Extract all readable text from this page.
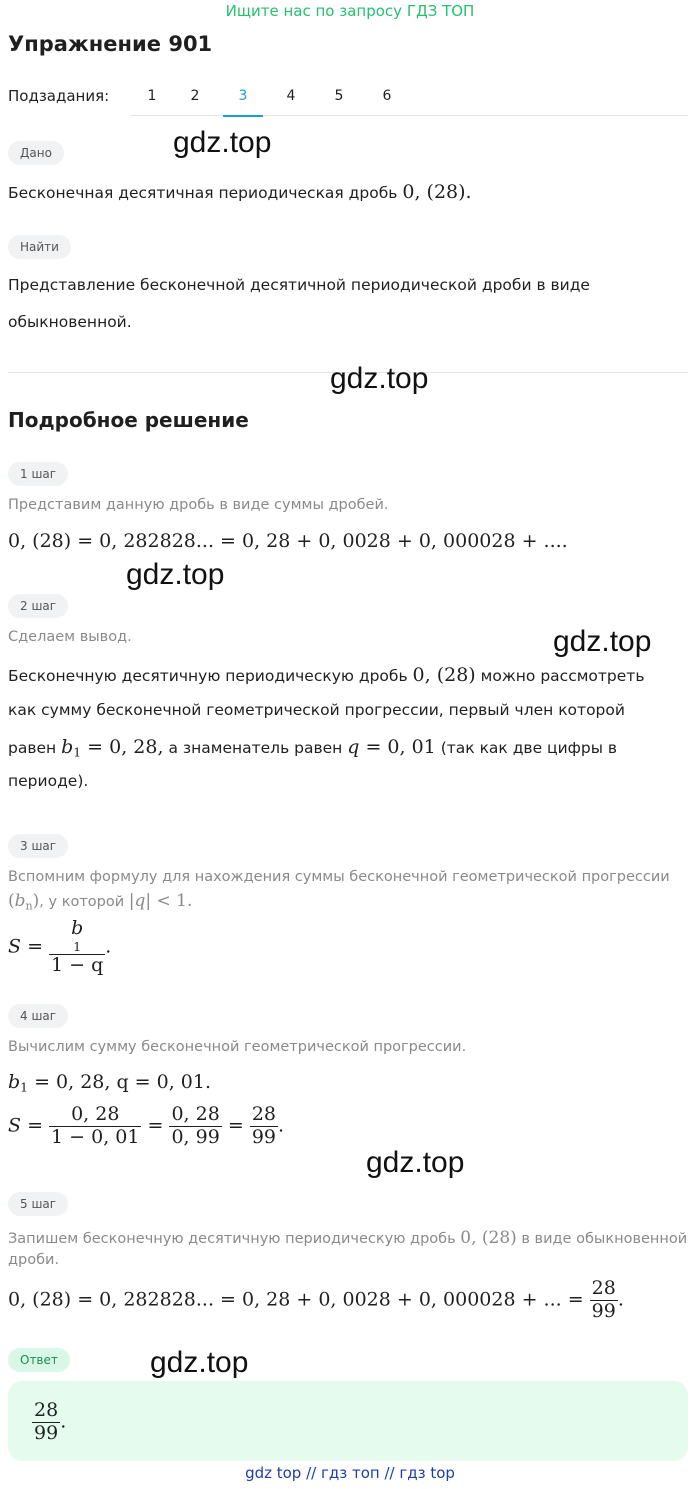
Ищите нас по запросу ГДЗ ТОП
Упражнение 901
Подзадания:	1	2	3	4	5	6
Дано	gdz.top
Бесконечная десятичная периодическая дробь 0, (28).
Найти
Представление бесконечной десятичной периодической дроби в виде
обыкновенной.
gdz.top
Подробное решение
1 шаг
Представим данную дробь в виде суммы дробей.
0, (28) = 0, 282828... = 0, 28 + 0, 0028 + 0, 000028 + ....
gdz.top
2 шаг
gdz.top
Сделаем вывод.
Бесконечную десятичную периодическую дробь 0, (28) можно рассмотреть
как сумму бесконечной геометрической прогрессии, первый член которой
равен $b_1 = 0$, 28, а знаменатель равен q = 0, 01 (так как две цифры в
периоде).
3 шаг
Вспомним формулу для нахождения суммы бесконечной геометрической прогрессии
$(b_n)$, у которой |q| < 1.
S = b
1
1 − q .
4 шаг
Вычислим сумму бесконечной геометрической прогрессии.
$b_1 = 0$, 28, q = 0, 01.
$S = \frac{0, 28}{1 - 0, 01} = \frac{0, 28}{0, 99} = \frac{28}{99}$ .
gdz.top
5 шаг
Запишем бесконечную десятичную периодическую дробь 0, (28) в виде обыкновенной
дроби.
0, (28) = 0, 282828... = 0, 28 + 0, 0028 + 0, 000028 + ... = $\frac{28}{99}$ .
Ответ	gdz.top
$\frac{28}{99}$ .
gdz top // гдз топ // гдз top
